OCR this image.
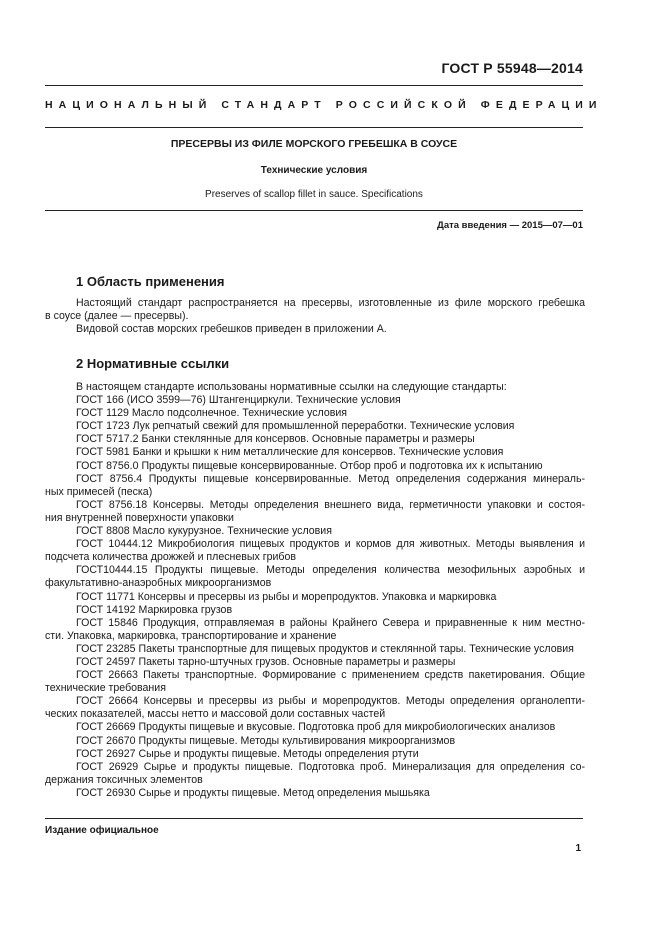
ГОСТ Р 55948—2014
НАЦИОНАЛЬНЫЙ СТАНДАРТ РОССИЙСКОЙ ФЕДЕРАЦИИ
ПРЕСЕРВЫ ИЗ ФИЛЕ МОРСКОГО ГРЕБЕШКА В СОУСЕ
Технические условия
Preserves of scallop fillet in sauce. Specifications
Дата введения — 2015—07—01
1 Область применения
Настоящий стандарт распространяется на пресервы, изготовленные из филе морского гребешка
в соусе (далее — пресервы).
Видовой состав морских гребешков приведен в приложении А.
2 Нормативные ссылки
В настоящем стандарте использованы нормативные ссылки на следующие стандарты:
ГОСТ 166 (ИСО 3599—76) Штангенциркули. Технические условия
ГОСТ 1129 Масло подсолнечное. Технические условия
ГОСТ 1723 Лук репчатый свежий для промышленной переработки. Технические условия
ГОСТ 5717.2 Банки стеклянные для консервов. Основные параметры и размеры
ГОСТ 5981 Банки и крышки к ним металлические для консервов. Технические условия
ГОСТ 8756.0 Продукты пищевые консервированные. Отбор проб и подготовка их к испытанию
ГОСТ 8756.4 Продукты пищевые консервированные. Метод определения содержания минераль-
ных примесей (песка)
ГОСТ 8756.18 Консервы. Методы определения внешнего вида, герметичности упаковки и состоя-
ния внутренней поверхности упаковки
ГОСТ 8808 Масло кукурузное. Технические условия
ГОСТ 10444.12 Микробиология пищевых продуктов и кормов для животных. Методы выявления и
подсчета количества дрожжей и плесневых грибов
ГОСТ10444.15 Продукты пищевые. Методы определения количества мезофильных аэробных и
факультативно-анаэробных микроорганизмов
ГОСТ 11771 Консервы и пресервы из рыбы и морепродуктов. Упаковка и маркировка
ГОСТ 14192 Маркировка грузов
ГОСТ 15846 Продукция, отправляемая в районы Крайнего Севера и приравненные к ним местно-
сти. Упаковка, маркировка, транспортирование и хранение
ГОСТ 23285 Пакеты транспортные для пищевых продуктов и стеклянной тары. Технические условия
ГОСТ 24597 Пакеты тарно-штучных грузов. Основные параметры и размеры
ГОСТ 26663 Пакеты транспортные. Формирование с применением средств пакетирования. Общие
технические требования
ГОСТ 26664 Консервы и пресервы из рыбы и морепродуктов. Методы определения органолепти-
ческих показателей, массы нетто и массовой доли составных частей
ГОСТ 26669 Продукты пищевые и вкусовые. Подготовка проб для микробиологических анализов
ГОСТ 26670 Продукты пищевые. Методы культивирования микроорганизмов
ГОСТ 26927 Сырье и продукты пищевые. Методы определения ртути
ГОСТ 26929 Сырье и продукты пищевые. Подготовка проб. Минерализация для определения со-
держания токсичных элементов
ГОСТ 26930 Сырье и продукты пищевые. Метод определения мышьяка
Издание официальное
1
